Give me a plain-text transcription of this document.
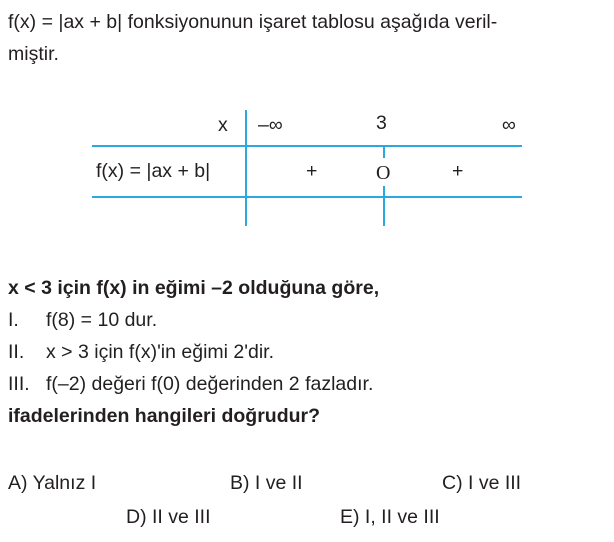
f(x) = |ax + b| fonksiyonunun işaret tablosu aşağıda veril-
miştir.
x –∞	3	∞
f(x) = |ax + b|	+	O	+
x < 3 için f(x) in eğimi –2 olduğuna göre,
I.	f(8) = 10 dur.
II.	x > 3 için f(x)'in eğimi 2'dir.
III. f(–2) değeri f(0) değerinden 2 fazladır.
ifadelerinden hangileri doğrudur?
A) Yalnız I	B) I ve II	C) I ve III
D) II ve III	E) I, II ve III
